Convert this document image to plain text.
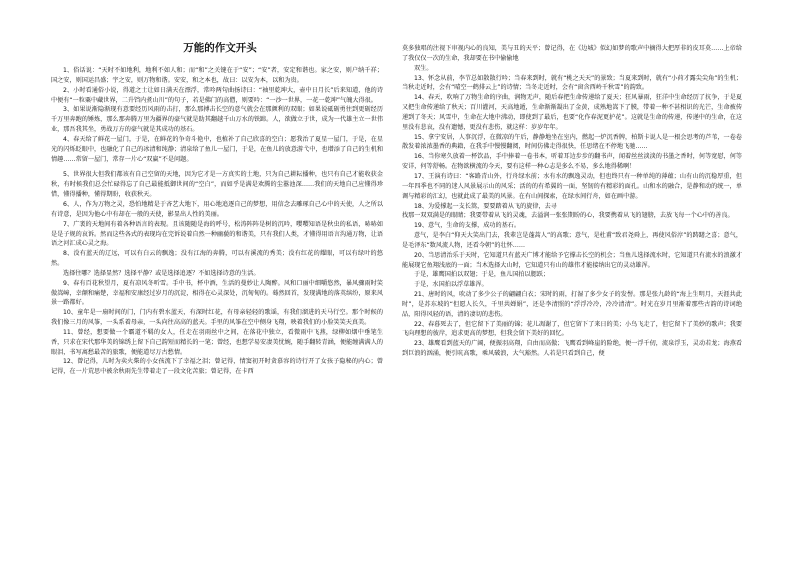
万能的作文开头

1、俗话说：“天时不如地利，地利不如人和；而“和”之关键在于“安”；“安”者，安定和谐也。家之安，则户纳千祥；国之安，则国运昌盛；宇之安，则万物和谐。安安，和之本也，故曰：以安为本，以和为贵。

2、小时看通俗小说，得道之士让如日满天在漂浮，常吟两句曲扬诗曰：“袖里乾坤大，壶中日月长”后来知道，他的诗中便有“一粒粟中藏世界，二升铛内煮山川”的句子，若是佛门的高僧，则要吟：“一沙一世界，一花一乾坤”气魄大得很。

3、如果说渐隐渐现有意要经历风雨的击打，那么那搏击长空的意气就会在那颜利的双眼；如果说砥砺勇往到更砺经历千万里奔跑的锤炼，那么那奔腾万里为疆界的豪气就是助其翻越千山万水的铁蹄。人，欲做立于世，成为一代雄主立一世伟业，那吾我其坐，勇战万方的豪气就是其成功的基石。

4、春天给了鲜花一屋门，于是，在鲜花的争奇斗艳中，也植补了自己欣喜的空白；愿我治了夏星一屋门，于是，在星光的闪烁眨眼中，也融化了自己的冰清和纯静；清泉给了鱼儿一屋门，于是，在鱼儿的放意游弋中，也增添了自己的生机和情趣……常留一屋门，常存一片心“双赢”不是问题。

5、世界很大但我们都该有自己空留的天地，因为它才是一方真实的土地，只为自己耕耘播种，也只有自己才能收获金秋，有时候我们总会忙碌得忘了自己最能抵御世间的“空白”，而如乎是满是欢腾的尘嚣池深……我们的天地自己应懂得珍惜，懂得播种，懂得期盼，收获秋天。

6、人，作为万物之灵，恐怕地精是于吝艺大地下，用心地追逐自己的梦想，用信念去雕琢自己心中的天使，人之所以有诗意，是因为他心中有却在一般的天使，影显出人性的美丽。

7、广袤的天地间有着各种语言的表现。且该随随是海的呼号，松涛阵阵是树的沉吟，嘤嘤知语是秋虫的私语，哧哧如是是子规的哀诉。然而这些各式的表现均在完诉说着自然一种幽藐的和谐美，只有我们人类，才懂得用语言沟通万物，让语语之河汇成心灵之海。

8、没有蓝天的辽远，可以有白云的飘逸；没有江海的奔腾，可以有溪流的秀美；没有红花的耀眼，可以有绿叶的悠然。

选择往哪？选择显然？选择平静？或是选择追逐？不如选择诗意的生活。

9、春有百花秋望月，夏有凉风冬听雪。手中书，杯中酒，生活的曼妙让人陶醉。风和口丽中细嚼悠然，暴风骤雨时笑傲嵩嶂，幸颠和痛楚，幸福和安康经过岁月的沉淀，相得在心灵深处，沉甸甸的。蓦然回首，发现满地的落英缤纷，原来风景一路都好。

10、童年是一扇时间的门，门内有碧水蓝天，有深时红花，有母亲轻轻的歌谣，有我们溜进的天马行空。那个时候的我们像三月的风筝，一头系着母亲，一头向往高高的蓝天。手里的风筝在空中侧身飞翔，映着我们的小脸笑笑天真美。

11、曾经，想要做一个霸道不羁的女人，任走在羽雨丝中之间，在落花中独立，看微雨中飞燕，绿柳如烟中垂笔生香，只求在宋代那华美的锦绣上留下自己韵短而精长的一笔；曾经，也想学易安凄美忧婉，随手翻转青涵，便能缠满满人的眼泪，书写离愁最苦的旅歌，便能道尽万古愁情。

12、曾记得，儿时为卖火柴的小女孩流下了幸福之泪；曾记得，情窦初开时贪慕容的诗行开了女孩子隐秘的内心；曾记得，在一片荒思中被余秋雨先生带着走了一段文化苦旅；曾记得，在卡西

莫多独唱的注视下审视内心的良知，美与丑的天平；曾记得，在《边城》似幻如梦的歌声中摘得大把厚非的皮耳莫……上帝给了我仅仅一次的生命，我却要在书中偷偷地

双生。

13、怀念从前，李节总如散散行吟；当春来到时，就有“桃之天天”的景致；当夏来到时，就有“小荷才露尖尖角”的生机；当秋走近时，会有“晴空一鹤排云上”的诗情；当冬走近时，会有“窗含西岭千秋雪”的韵致。

14、春天，吹响了万物生命的序曲，润物无声，随后春把生命传递给了夏天；狂风暴雨，狂洋中生命经历了抗争，于是夏又把生命传递给了秋天；百川灌河，天高地遁，生命渐渐凝出了金黄，成熟地嵩下了膜，带着一种不甚相识的光芒，生命被传递到了冬天；风雪中，生命在大地中沸动，即使到了最后，也要“化作春泥更护花”。这就是生命的传递，传递中的生命，在这里没有悲哀，没有遗憾，更没有悲伤，就这样：岁岁年年。

15、拿宁安居，人事沉浮，在微凉的午后，静静地坐在室内，燃起一炉沉香牌，柏斯卡说人是一根会思考的芦苇，一卷卷散发着浓浓墨香的典籍，在我手中慢慢翻阅，时间仿佛走得很快，任思绪在不停地飞驰……

16、当你寒久放着一杯饮品，手中捧着一卷书本，听着耳边步步的翻书声，闻着丝丝淡淡的书墨之香时，何等宽慰，何等安详，何等舒畅。在物欲横流的今天，要有这样一种心志是多么不易，多么地得稀啊！

17、王演有诗曰：“客路青山外，行舟绿水前；水有水的飘逸灵动，但也终只有一种单纯的薄蕴；山有山的沉稳厚重，但一年四季也不同的迷人风景展示山的风采；活的的有希翼的一面，坚韧的有精彩的面孔。山和水的融合，是静和动的统一，单调与精彩的汇幻，也就此成了最美的风景。在有山间探索，在绿水间行舟，如在画中游。

18、为爱撑起一支长篙，要要踏着从飞的旋律，去寻

找那一双双满是的眼睛；我要带着从飞的灵魂，去溢润一张张期盼的心，我要携着从飞的翅膀，去放飞每一个心中的善良。

19、意气，生命的支撑，成功的基石。

意气，是李白“仰天大笑出门去，我辈岂是蓬蒿人”的高歌；意气，是杜甫“致君尧舜上，再使风俗淳”的踌躇之喜；意气，是毛泽东“数风流人物，还看今朝”的壮怀……

20、当思清治乐于天时，它知道只有蓝天广博才能给予它撑击长空的机会；当鱼儿选择流水时，它知道只有流水的浪激才能展现它鱼翔浅底的一面；当木选择大山时，它知道只有山的雄伟才能接纳出它的灵动雄浑。

于是，雄鹰国拍以双翅；于是，鱼儿国拍以腮跃；

于是，水国拍以浮草雄浑。

21、唐时的风，吹动了多少公子的翩翩白衣；宋时的雨，打湿了多少女子的发髻。那是张九龄的“海上生明月，天涯共此时”，是苏东坡的“但愿人长久，千里共婵娟”，还是李清照的“浮浮冷冷，冷冷清清”。时光在岁月里渐着那些古韵的诗词绝品，阳得风轻的语，清的凄切的悲伤。

22、春暮死去了，但它留下了美丽的锦；花儿凋谢了，但它留下了来日的美；小鸟飞走了，但它留下了美妙的歌声；我要飞向理想的彼岸，追求更高的梦想，但我会留下美好的回忆。

23、雄鹰看到蓝天的广阔，便振羽高翔，自由而高傲；飞鹰看到峰崖的险绝，便一浮千仞，流泉浮玉，灵动若龙；海燕看到巨浪的汹涌，便引吭高歌，乘风破浪，大气豁然。人若是只看到自己，便
